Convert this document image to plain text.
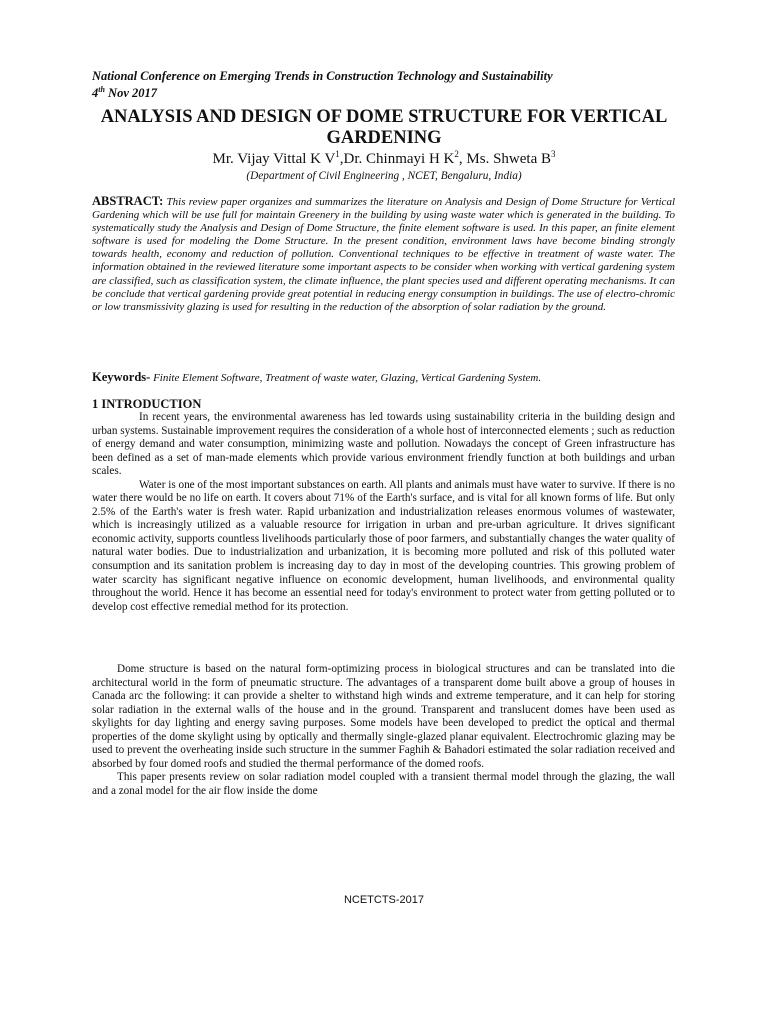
National Conference on Emerging Trends in Construction Technology and Sustainability
4th Nov 2017
ANALYSIS AND DESIGN OF DOME STRUCTURE FOR VERTICAL GARDENING
Mr. Vijay Vittal K $V^1,Dr$. Chinmayi H $K^2$, Ms. Shweta $B^3$
(Department of Civil Engineering , NCET, Bengaluru, India)
ABSTRACT: This review paper organizes and summarizes the literature on Analysis and Design of Dome Structure for Vertical Gardening which will be use full for maintain Greenery in the building by using waste water which is generated in the building. To systematically study the Analysis and Design of Dome Structure, the finite element software is used. In this paper, an finite element software is used for modeling the Dome Structure. In the present condition, environment laws have become binding strongly towards health, economy and reduction of pollution. Conventional techniques to be effective in treatment of waste water. The information obtained in the reviewed literature some important aspects to be consider when working with vertical gardening system are classified, such as classification system, the climate influence, the plant species used and different operating mechanisms. It can be conclude that vertical gardening provide great potential in reducing energy consumption in buildings. The use of electro-chromic or low transmissivity glazing is used for resulting in the reduction of the absorption of solar radiation by the ground.
Keywords- Finite Element Software, Treatment of waste water, Glazing, Vertical Gardening System.
1 INTRODUCTION

In recent years, the environmental awareness has led towards using sustainability criteria in the building design and urban systems. Sustainable improvement requires the consideration of a whole host of interconnected elements ; such as reduction of energy demand and water consumption, minimizing waste and pollution. Nowadays the concept of Green infrastructure has been defined as a set of man-made elements which provide various environment friendly function at both buildings and urban scales.

Water is one of the most important substances on earth. All plants and animals must have water to survive. If there is no water there would be no life on earth. It covers about 71% of the Earth's surface, and is vital for all known forms of life. But only 2.5% of the Earth's water is fresh water. Rapid urbanization and industrialization releases enormous volumes of wastewater, which is increasingly utilized as a valuable resource for irrigation in urban and pre-urban agriculture. It drives significant economic activity, supports countless livelihoods particularly those of poor farmers, and substantially changes the water quality of natural water bodies. Due to industrialization and urbanization, it is becoming more polluted and risk of this polluted water consumption and its sanitation problem is increasing day to day in most of the developing countries. This growing problem of water scarcity has significant negative influence on economic development, human livelihoods, and environmental quality throughout the world. Hence it has become an essential need for today's environment to protect water from getting polluted or to develop cost effective remedial method for its protection.

Dome structure is based on the natural form-optimizing process in biological structures and can be translated into die architectural world in the form of pneumatic structure. The advantages of a transparent dome built above a group of houses in Canada arc the following: it can provide a shelter to withstand high winds and extreme temperature, and it can help for storing solar radiation in the external walls of the house and in the ground. Transparent and translucent domes have been used as skylights for day lighting and energy saving purposes. Some models have been developed to predict the optical and thermal properties of the dome skylight using by optically and thermally single-glazed planar equivalent. Electrochromic glazing may be used to prevent the overheating inside such structure in the summer Faghih & Bahadori estimated the solar radiation received and absorbed by four domed roofs and studied the thermal performance of the domed roofs.

This paper presents review on solar radiation model coupled with a transient thermal model through the glazing, the wall and a zonal model for the air flow inside the dome

NCETCTS-2017
